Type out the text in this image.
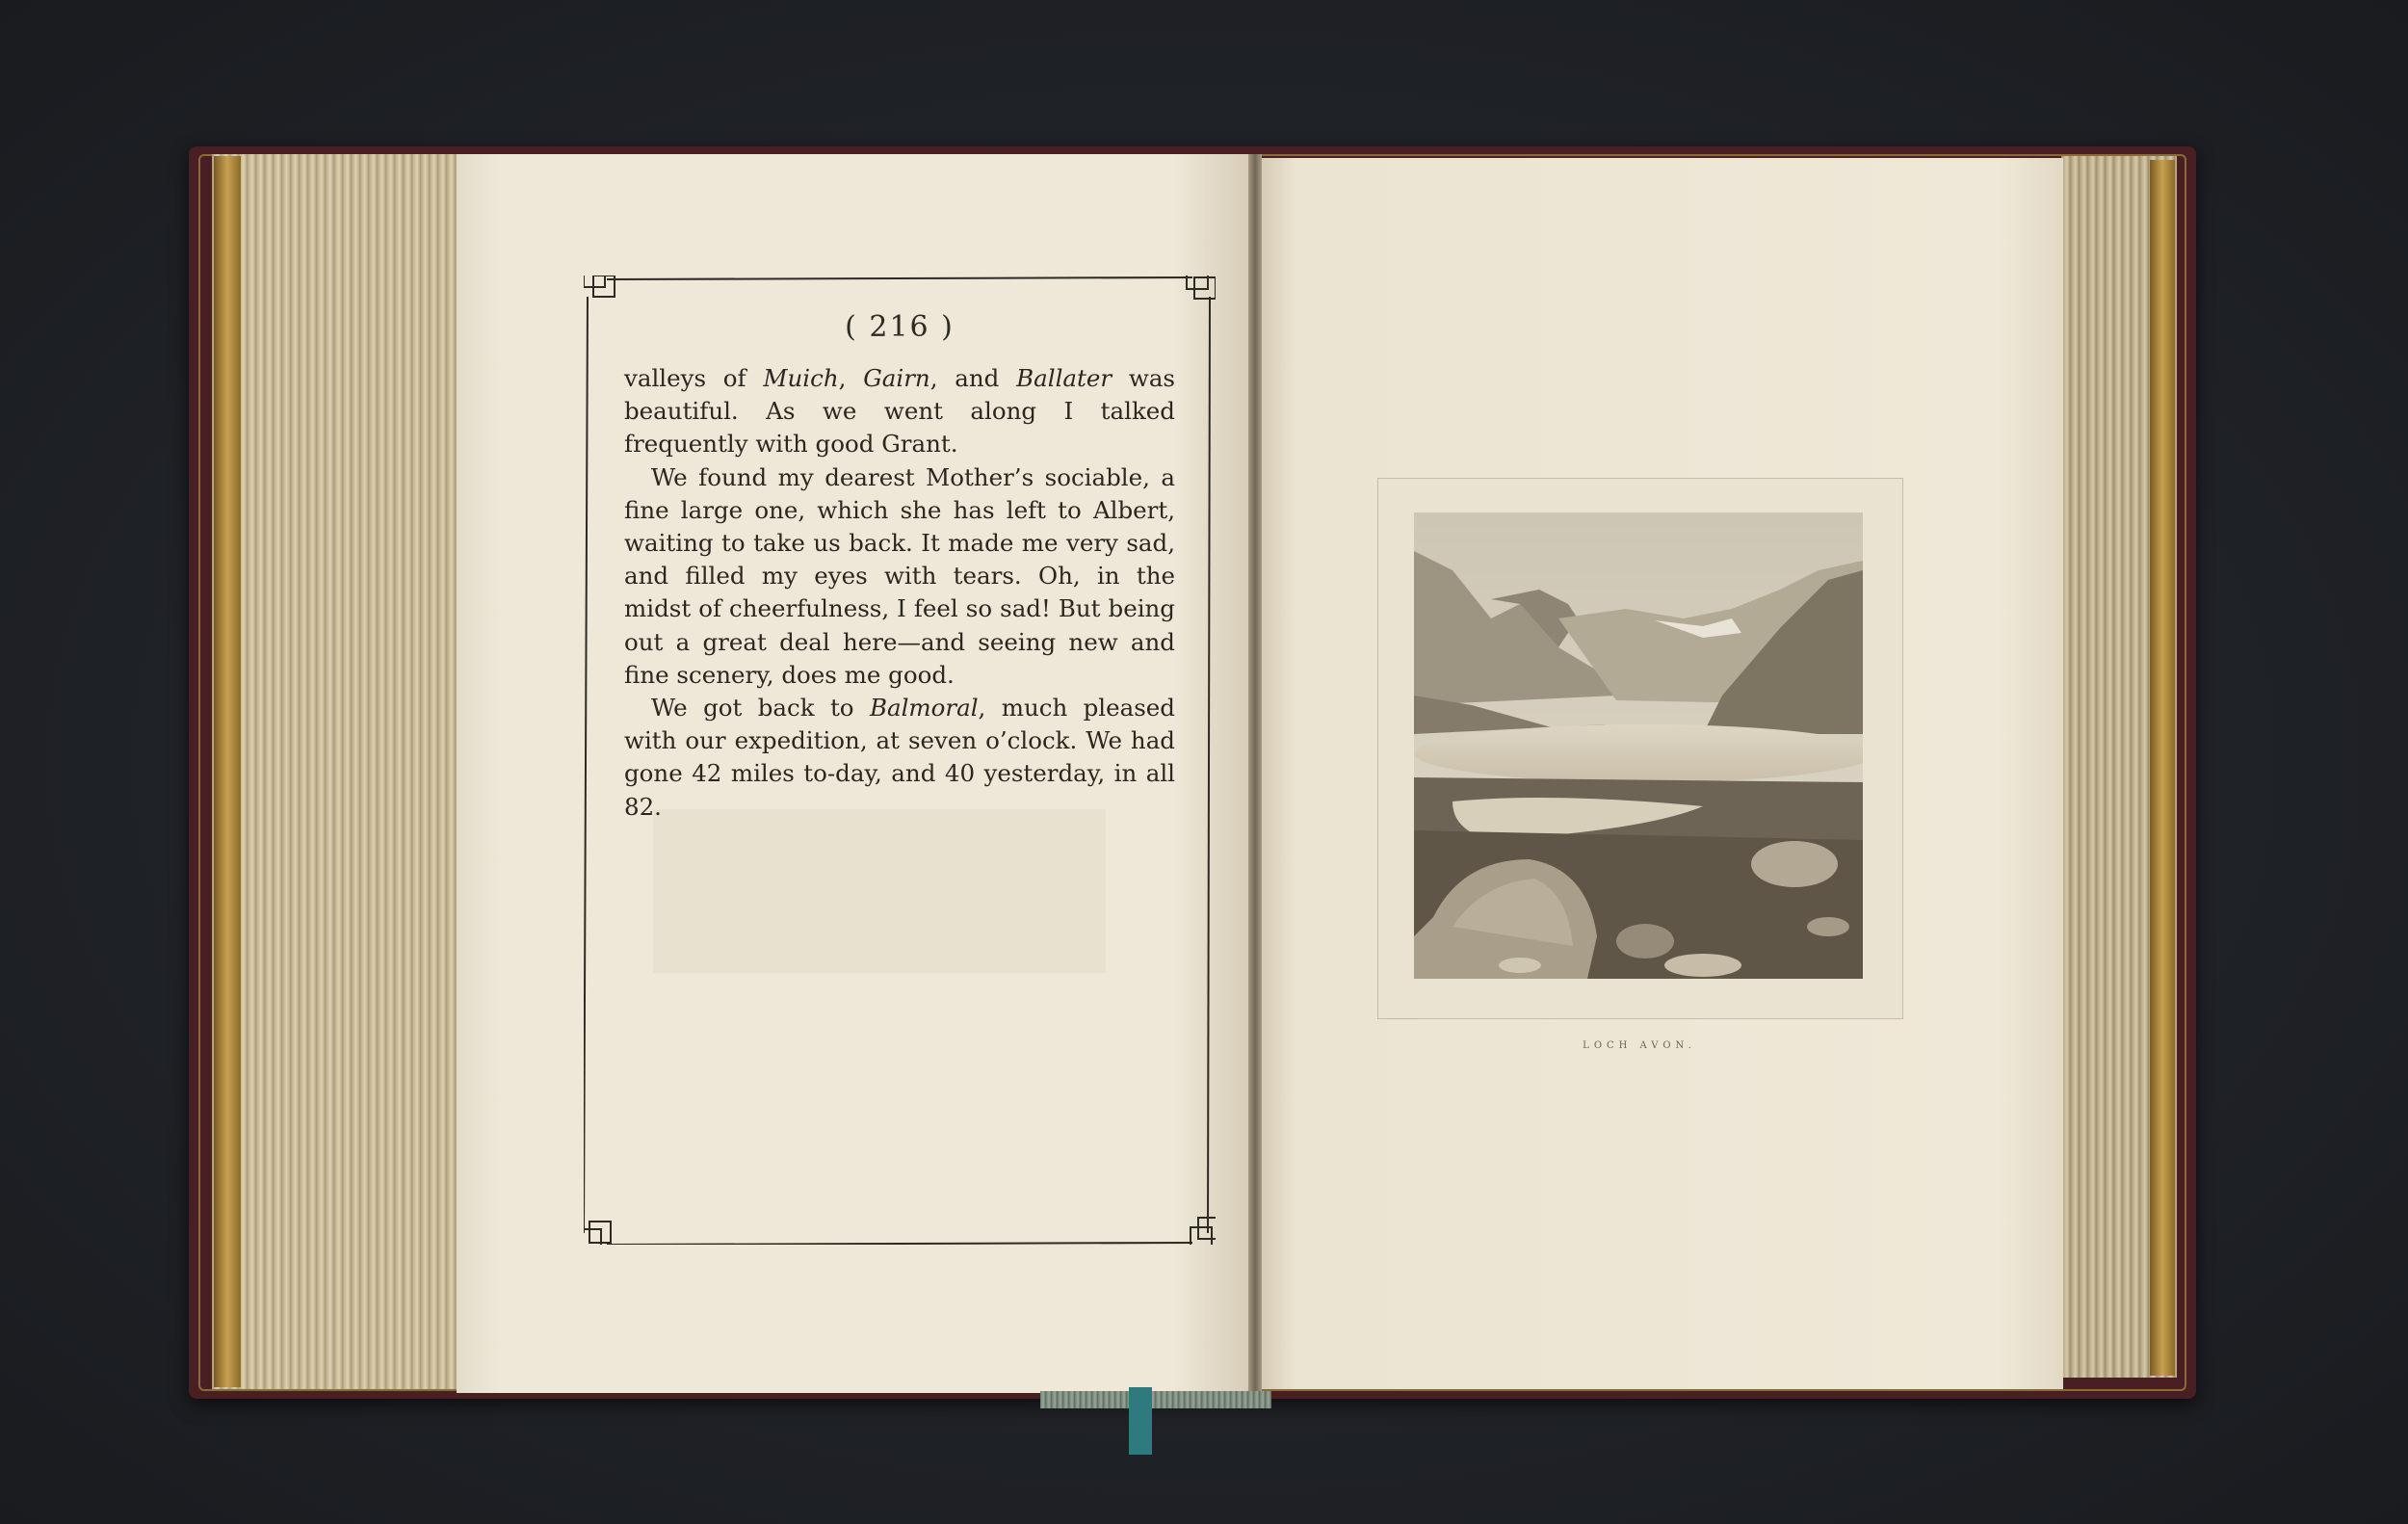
( 216 )

valleys of Muich, Gairn, and Ballater was beautiful. As we went along I talked frequently with good Grant.

We found my dearest Mother’s sociable, a fine large one, which she has left to Albert, waiting to take us back. It made me very sad, and filled my eyes with tears. Oh, in the midst of cheerfulness, I feel so sad! But being out a great deal here—and seeing new and fine scenery, does me good.

We got back to Balmoral, much pleased with our expedition, at seven o’clock. We had gone 42 miles to-day, and 40 yesterday, in all 82.

LOCH AVON.
